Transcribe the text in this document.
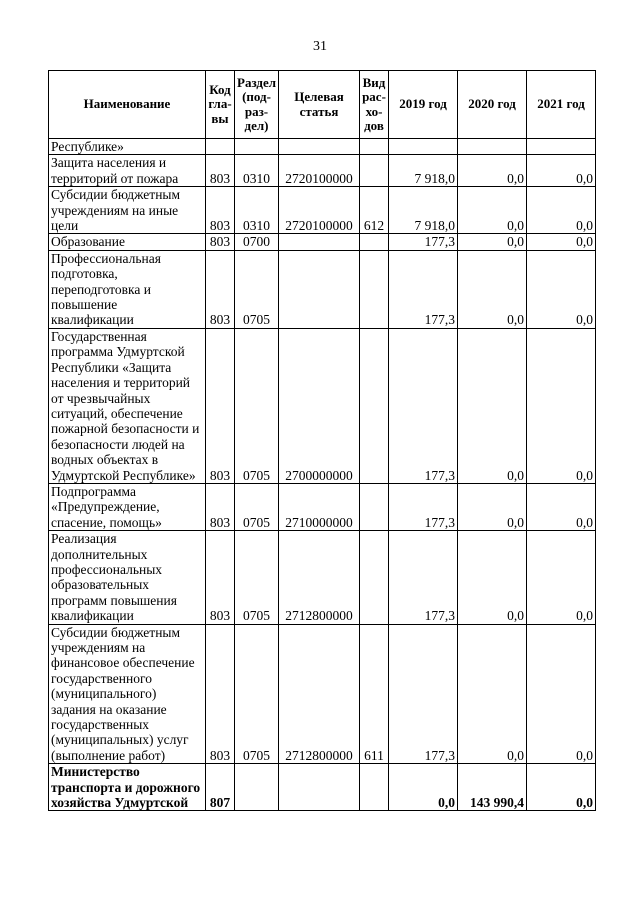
31
Наименование	Код гла-вы	Раздел (под-раз-дел)	Целевая статья	Вид рас-хо-дов	2019 год	2020 год	2021 год
Республике»							
Защита населения и территорий от пожара	803	0310	2720100000		7 918,0	0,0	0,0
Субсидии бюджетным учреждениям на иные цели	803	0310	2720100000	612	7 918,0	0,0	0,0
Образование	803	0700			177,3	0,0	0,0
Профессиональная подготовка, переподготовка и повышение квалификации	803	0705			177,3	0,0	0,0
Государственная программа Удмуртской Республики «Защита населения и территорий от чрезвычайных ситуаций, обеспечение пожарной безопасности и безопасности людей на водных объектах в Удмуртской Республике»	803	0705	2700000000		177,3	0,0	0,0
Подпрограмма «Предупреждение, спасение, помощь»	803	0705	2710000000		177,3	0,0	0,0
Реализация дополнительных профессиональных образовательных программ повышения квалификации	803	0705	2712800000		177,3	0,0	0,0
Субсидии бюджетным учреждениям на финансовое обеспечение государственного (муниципального) задания на оказание государственных (муниципальных) услуг (выполнение работ)	803	0705	2712800000	611	177,3	0,0	0,0
Министерство транспорта и дорожного хозяйства Удмуртской	807				0,0	143 990,4	0,0
